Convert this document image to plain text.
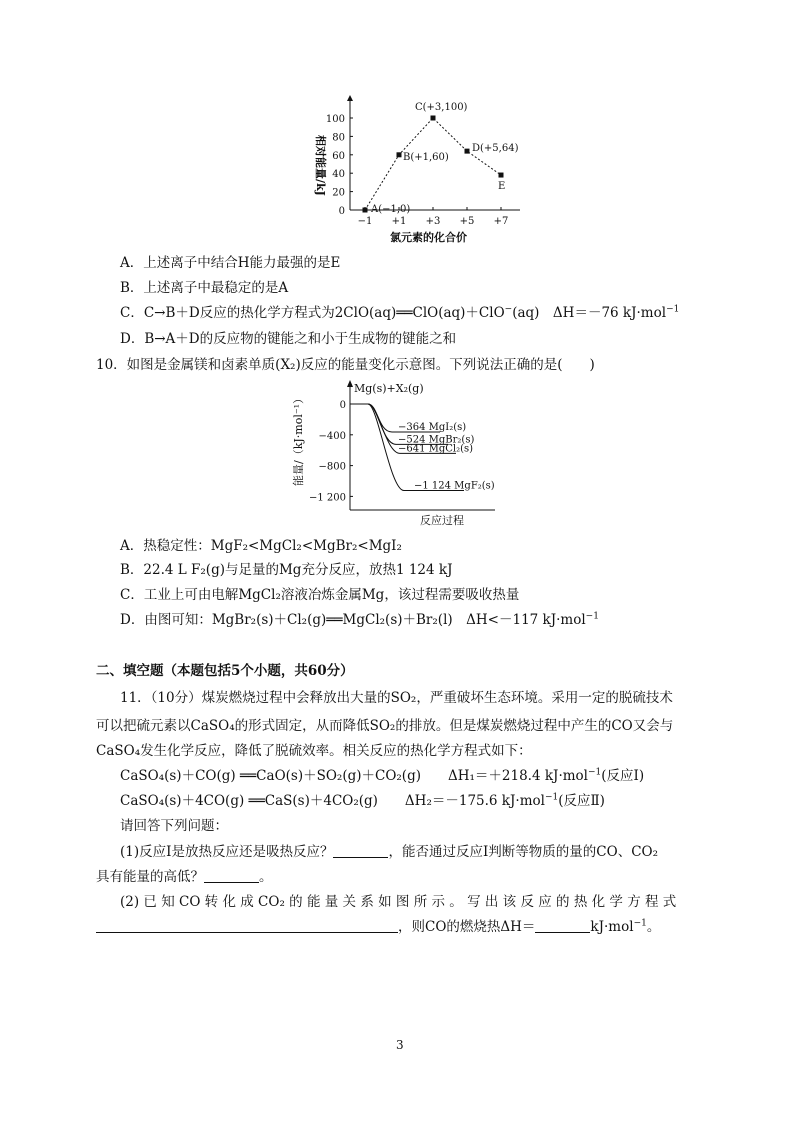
100
80
60
40
20
0
−1 +1 +3 +5 +7
A(−1,0)
B(+1,60)
C(+3,100)
D(+5,64)
E
相对能量/kJ
氯元素的化合价
A．上述离子中结合H能力最强的是E
B．上述离子中最稳定的是A
C．C→B＋D反应的热化学方程式为2ClO(aq)══ClO(aq)＋ClO−(aq)　ΔH＝－76 kJ·mol$^{-1}$
D．B→A＋D的反应物的键能之和小于生成物的键能之和
10．如图是金属镁和卤素单质(X₂)反应的能量变化示意图。下列说法正确的是(　　)
0
−400
−800
−1 200
−364 MgI₂(s)
−524 MgBr₂(s)
−641 MgCl₂(s)
−1 124 MgF₂(s)
Mg(s)+X₂(g)
能量/（kJ·mol⁻¹）
反应过程
A．热稳定性：MgF₂<MgCl₂<MgBr₂<MgI₂
B．22.4 L F₂(g)与足量的Mg充分反应，放热1 124 kJ
C．工业上可由电解MgCl₂溶液冶炼金属Mg，该过程需要吸收热量
D．由图可知：MgBr₂(s)＋Cl₂(g)══MgCl₂(s)＋Br₂(l)　ΔH<－117 kJ·mol$^{-1}$
二、填空题（本题包括5个小题，共60分）
11．（10分）煤炭燃烧过程中会释放出大量的SO₂，严重破坏生态环境。采用一定的脱硫技术
可以把硫元素以CaSO₄的形式固定，从而降低SO₂的排放。但是煤炭燃烧过程中产生的CO又会与
CaSO₄发生化学反应，降低了脱硫效率。相关反应的热化学方程式如下：
CaSO₄(s)＋CO(g) ══CaO(s)＋SO₂(g)＋CO₂(g)　　ΔH₁＝＋218.4 kJ·mol$^{-1}$(反应Ⅰ)
CaSO₄(s)＋4CO(g) ══CaS(s)＋4CO₂(g)　　ΔH₂＝－175.6 kJ·mol$^{-1}$(反应Ⅱ)
请回答下列问题：
(1)反应Ⅰ是放热反应还是吸热反应？	，能否通过反应Ⅰ判断等物质的量的CO、CO₂
具有能量的高低？	。
(2) 已 知 CO 转 化 成 CO₂ 的 能 量 关 系 如 图 所 示 。 写 出 该 反 应 的 热 化 学 方 程 式
，则CO的燃烧热ΔH＝	kJ·mol$^{-1}$。
3
